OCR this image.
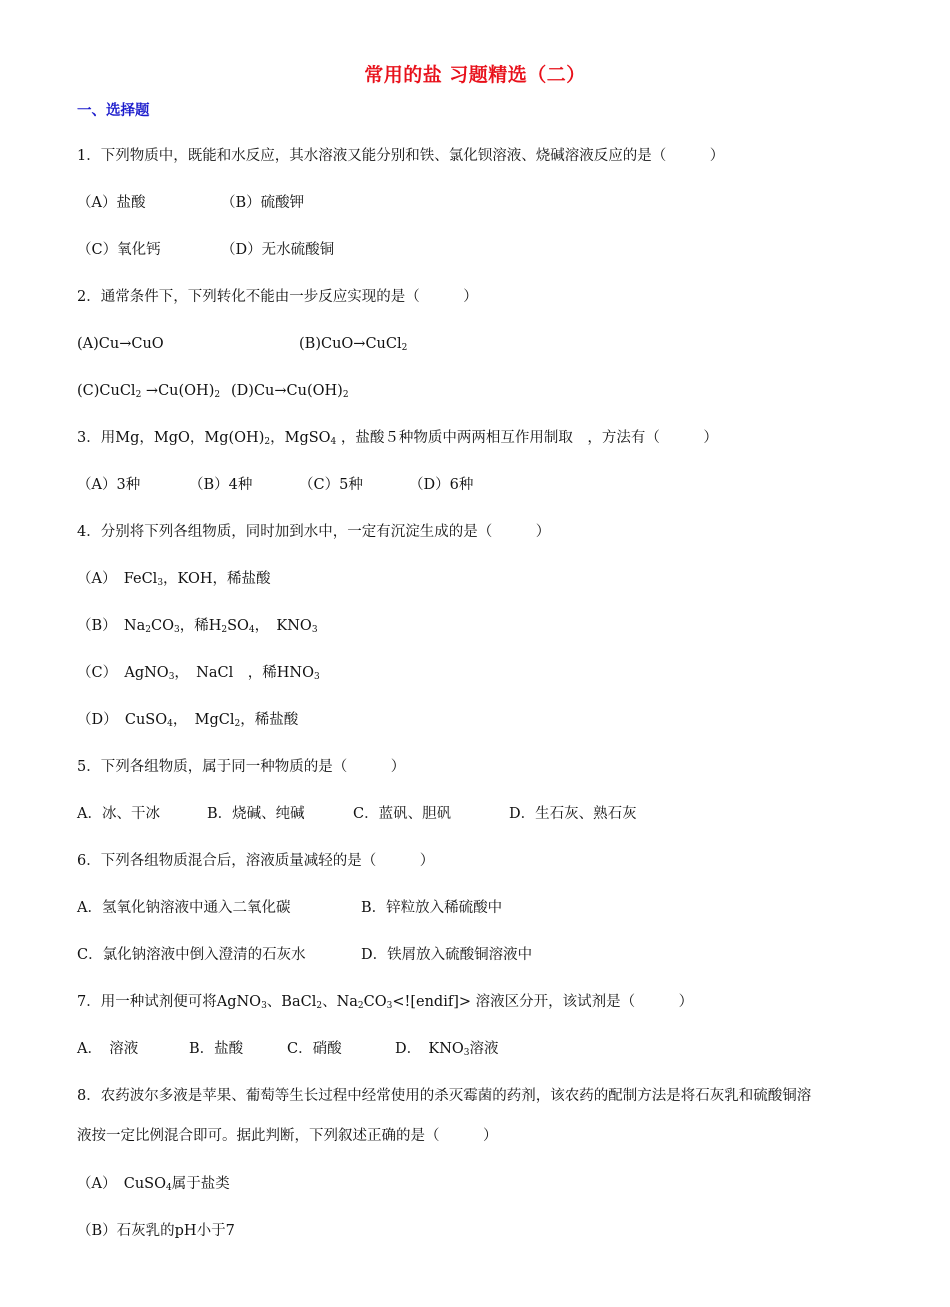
常用的盐 习题精选（二）
一、选择题
1．下列物质中，既能和水反应，其水溶液又能分别和铁、氯化钡溶液、烧碱溶液反应的是（　　　）
（A）盐酸	（B）硫酸钾
（C）氧化钙	（D）无水硫酸铜
2．通常条件下，下列转化不能由一步反应实现的是（　　　）
(A)Cu→CuO	(B)CuO→CuCl$_2$
(C)CuCl$_2$ $\to Cu(OH)_2$ $(D)Cu\to Cu(OH)_2$
3．用Mg，MgO，$Mg(OH)_2$，MgSO$_4$ ，盐酸５种物质中两两相互作用制取　，方法有（　　　）
（A）3种	（B）4种	（C）5种	（D）6种
4．分别将下列各组物质，同时加到水中，一定有沉淀生成的是（　　　）
（A）　FeCl$_3$，KOH，稀盐酸
（B）　$Na_2CO_3$，稀$H_2SO_4$，　$KNO_3$
（C）　AgNO$_3$，　NaCl　，稀$HNO_3$
（D）　CuSO$_4$，　MgCl$_2$，稀盐酸
5．下列各组物质，属于同一种物质的是（　　　）
A．冰、干冰	B．烧碱、纯碱	C．蓝矾、胆矾	D．生石灰、熟石灰
6．下列各组物质混合后，溶液质量减轻的是（　　　）
A．氢氧化钠溶液中通入二氧化碳	B．锌粒放入稀硫酸中
C．氯化钠溶液中倒入澄清的石灰水	D．铁屑放入硫酸铜溶液中
7．用一种试剂便可将AgNO$_3$、BaCl$_2$、$Na_2CO_3<![endif]>$ 溶液区分开，该试剂是（　　　）
A．　溶液	B．盐酸	C．硝酸	D．　$KNO_3$溶液
8．农药波尔多液是苹果、葡萄等生长过程中经常使用的杀灭霉菌的药剂，该农药的配制方法是将石灰乳和硫酸铜溶
液按一定比例混合即可。据此判断，下列叙述正确的是（　　　）
（A）　CuSO$_4$属于盐类
（B）石灰乳的pH小于7
